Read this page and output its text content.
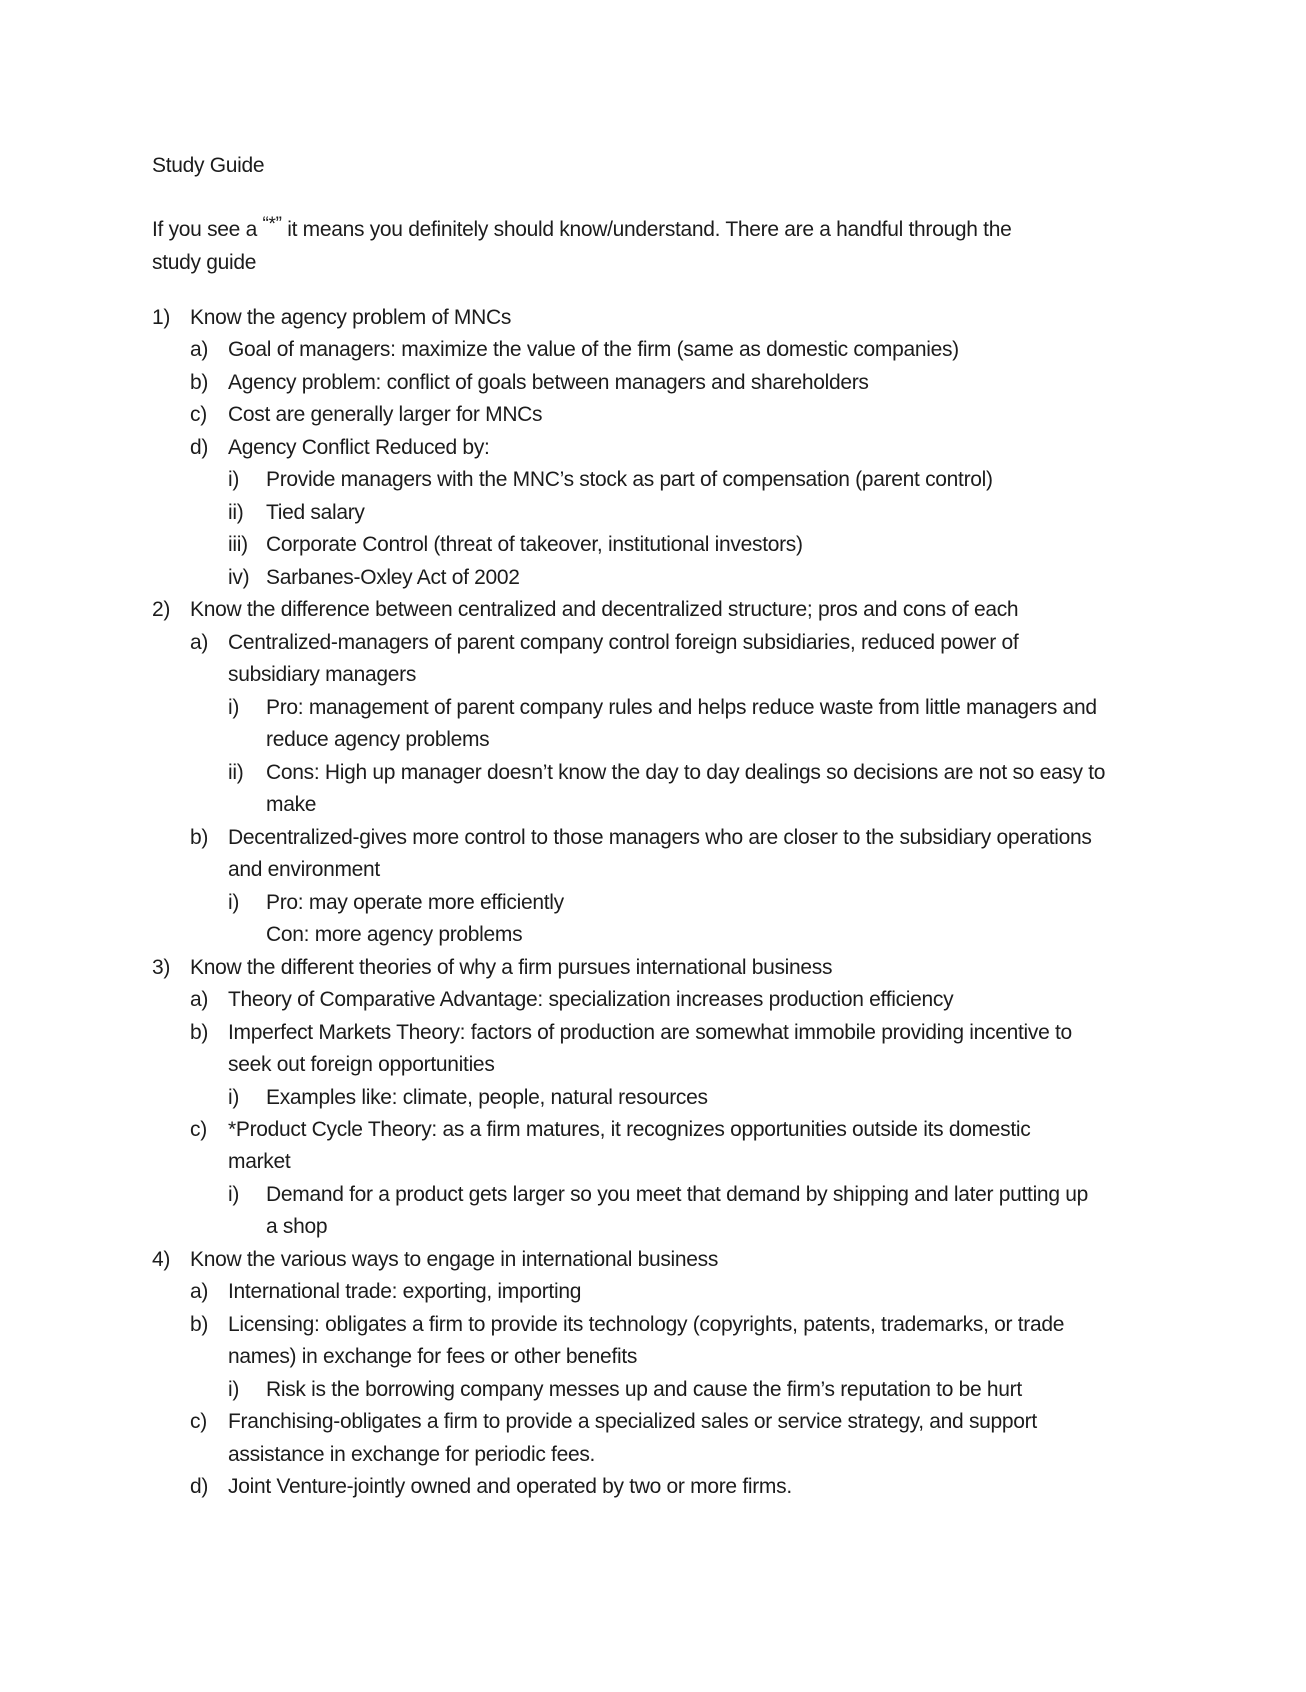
Study Guide
If you see a “*” it means you definitely should know/understand. There are a handful through the
study guide
1) Know the agency problem of MNCs
a) Goal of managers: maximize the value of the firm (same as domestic companies)
b) Agency problem: conflict of goals between managers and shareholders
c) Cost are generally larger for MNCs
d) Agency Conflict Reduced by:
i) Provide managers with the MNC’s stock as part of compensation (parent control)
ii) Tied salary
iii) Corporate Control (threat of takeover, institutional investors)
iv) Sarbanes-Oxley Act of 2002
2) Know the difference between centralized and decentralized structure; pros and cons of each
a) Centralized-managers of parent company control foreign subsidiaries, reduced power of
subsidiary managers
i) Pro: management of parent company rules and helps reduce waste from little managers and
reduce agency problems
ii) Cons: High up manager doesn’t know the day to day dealings so decisions are not so easy to
make
b) Decentralized-gives more control to those managers who are closer to the subsidiary operations
and environment
i) Pro: may operate more efficiently
Con: more agency problems
3) Know the different theories of why a firm pursues international business
a) Theory of Comparative Advantage: specialization increases production efficiency
b) Imperfect Markets Theory: factors of production are somewhat immobile providing incentive to
seek out foreign opportunities
i) Examples like: climate, people, natural resources
c) *Product Cycle Theory: as a firm matures, it recognizes opportunities outside its domestic
market
i) Demand for a product gets larger so you meet that demand by shipping and later putting up
a shop
4) Know the various ways to engage in international business
a) International trade: exporting, importing
b) Licensing: obligates a firm to provide its technology (copyrights, patents, trademarks, or trade
names) in exchange for fees or other benefits
i) Risk is the borrowing company messes up and cause the firm’s reputation to be hurt
c) Franchising-obligates a firm to provide a specialized sales or service strategy, and support
assistance in exchange for periodic fees.
d) Joint Venture-jointly owned and operated by two or more firms.
